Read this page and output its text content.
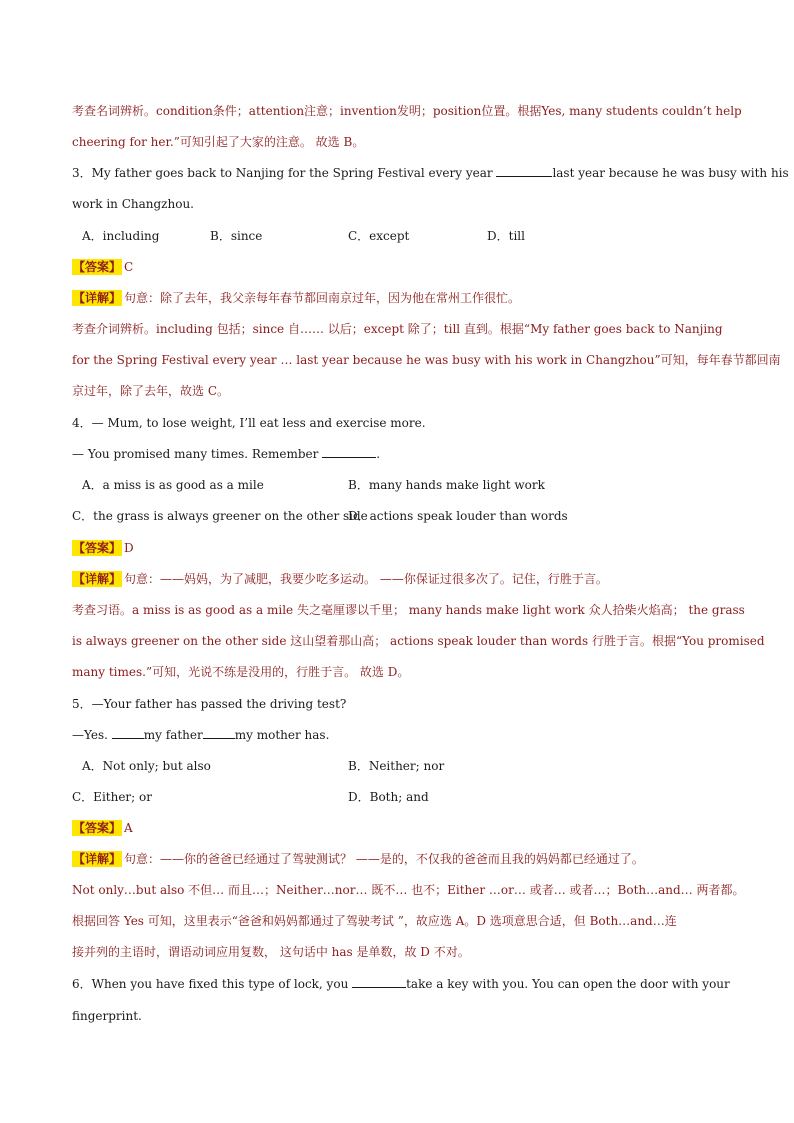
考查名词辨析。condition条件；attention注意；invention发明；position位置。根据Yes, many students couldn’t help
cheering for her.”可知引起了大家的注意。 故选 B。
3．My father goes back to Nanjing for the Spring Festival every year	last year because he was busy with his
work in Changzhou.
A．including	B．since	C．except	D．till
【答案】 C
【详解】 句意：除了去年，我父亲每年春节都回南京过年，因为他在常州工作很忙。
考查介词辨析。including 包括；since 自…… 以后；except 除了；till 直到。根据“My father goes back to Nanjing
for the Spring Festival every year … last year because he was busy with his work in Changzhou”可知，每年春节都回南
京过年，除了去年，故选 C。
4．— Mum, to lose weight, I’ll eat less and exercise more.
— You promised many times. Remember	.
A．a miss is as good as a mile	B．many hands make light work
C．the grass is always greener on the other side
D．actions speak louder than words
【答案】 D
【详解】 句意：——妈妈，为了减肥，我要少吃多运动。 ——你保证过很多次了。记住，行胜于言。
考查习语。a miss is as good as a mile 失之毫厘谬以千里； many hands make light work 众人拾柴火焰高； the grass
is always greener on the other side 这山望着那山高； actions speak louder than words 行胜于言。根据“You promised
many times.”可知，光说不练是没用的，行胜于言。 故选 D。
5．—Your father has passed the driving test?
—Yes.	my father	my mother has.
A．Not only; but also	B．Neither; nor
C．Either; or	D．Both; and
【答案】 A
【详解】 句意：——你的爸爸已经通过了驾驶测试？ ——是的，不仅我的爸爸而且我的妈妈都已经通过了。
Not only…but also 不但… 而且…；Neither…nor… 既不… 也不；Either …or… 或者… 或者…；Both…and… 两者都。
根据回答 Yes 可知，这里表示“爸爸和妈妈都通过了驾驶考试 ”，故应选 A。D 选项意思合适，但 Both…and…连
接并列的主语时，谓语动词应用复数， 这句话中 has 是单数，故 D 不对。
6．When you have fixed this type of lock, you	take a key with you. You can open the door with your
fingerprint.
